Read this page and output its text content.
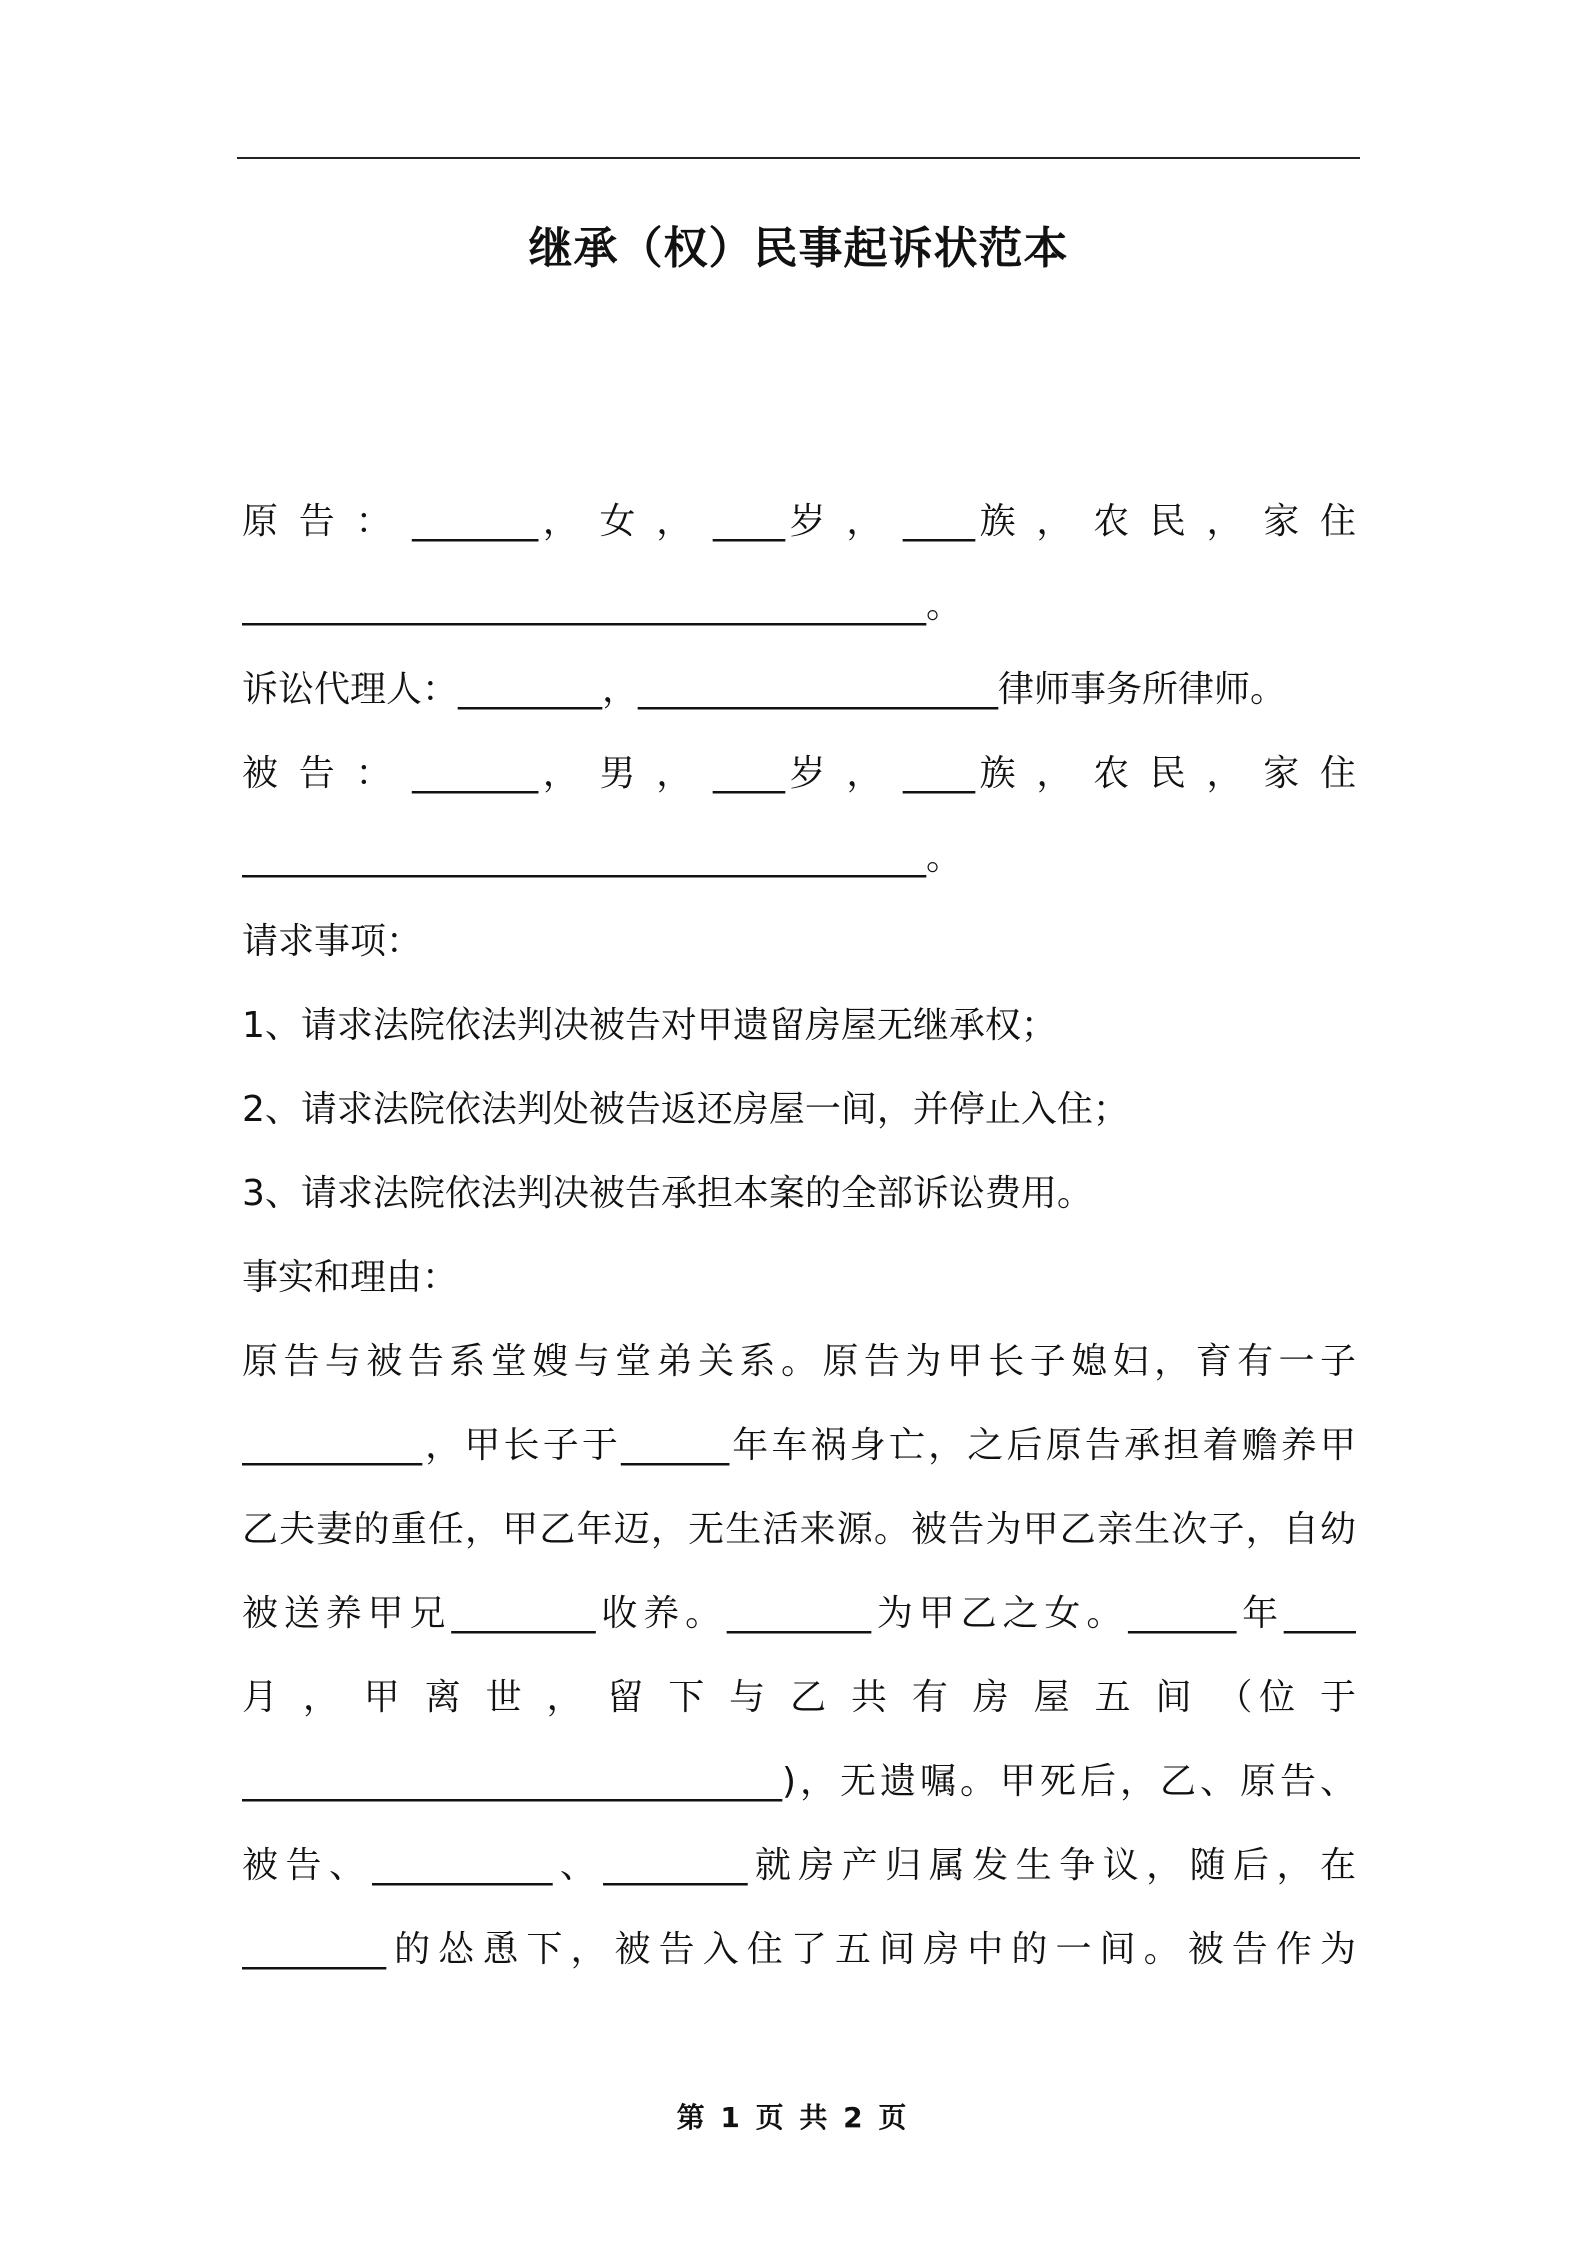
继承（权）民事起诉状范本
原 告 ： _______， 女 ， ____岁 ， ____族 ， 农 民 ， 家 住
______________________________________。
诉讼代理人：________，____________________律师事务所律师。
被 告 ： _______， 男 ， ____岁 ， ____族 ， 农 民 ， 家 住
______________________________________。
请求事项：
1、请求法院依法判决被告对甲遗留房屋无继承权；
2、请求法院依法判处被告返还房屋一间，并停止入住；
3、请求法院依法判决被告承担本案的全部诉讼费用。
事实和理由：
原告与被告系堂嫂与堂弟关系。原告为甲长子媳妇，育有一子
__________，甲长子于______年车祸身亡，之后原告承担着赡养甲
乙夫妻的重任，甲乙年迈，无生活来源。被告为甲乙亲生次子，自幼
被送养甲兄________收养。________为甲乙之女。______年____
月 ， 甲 离 世 ， 留 下 与 乙 共 有 房 屋 五 间 （位 于
______________________________)，无遗嘱。甲死后，乙、原告、
被告、__________、________就房产归属发生争议，随后，在
________的怂恿下，被告入住了五间房中的一间。被告作为
第 1 页 共 2 页
